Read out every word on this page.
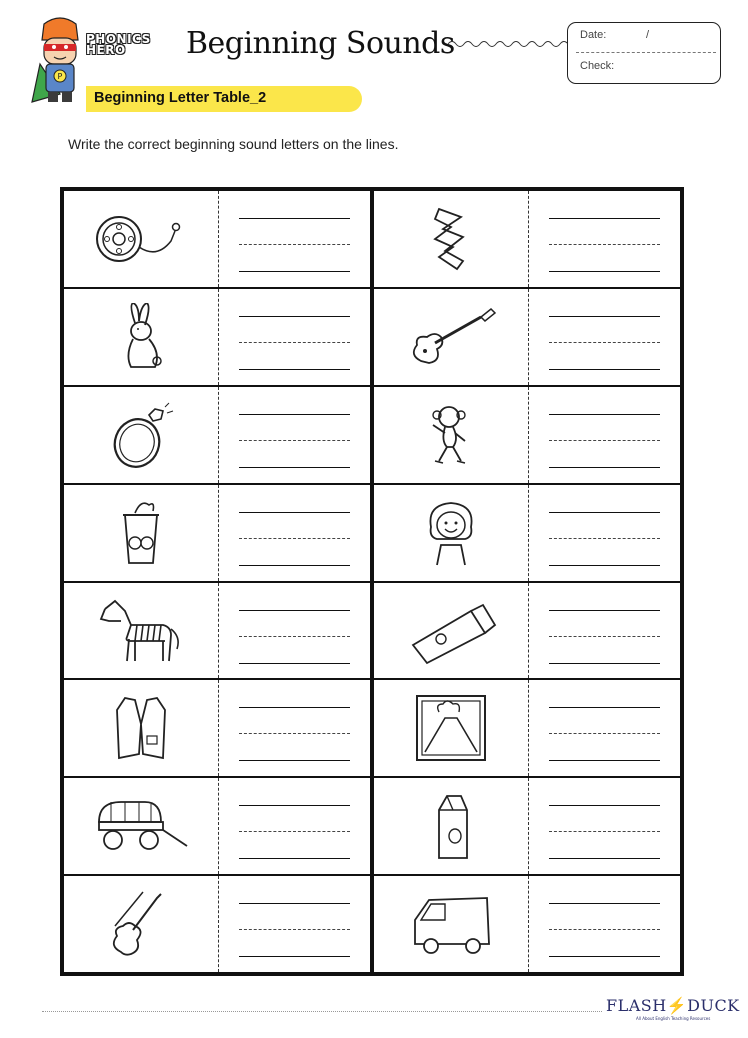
P
PHONICS
HERO	Beginning Sounds
Beginning Letter Table_2
Date:	/
Check:
Write the correct beginning sound letters on the lines.
FLASH⚡DUCK
All About English Teaching Resources
